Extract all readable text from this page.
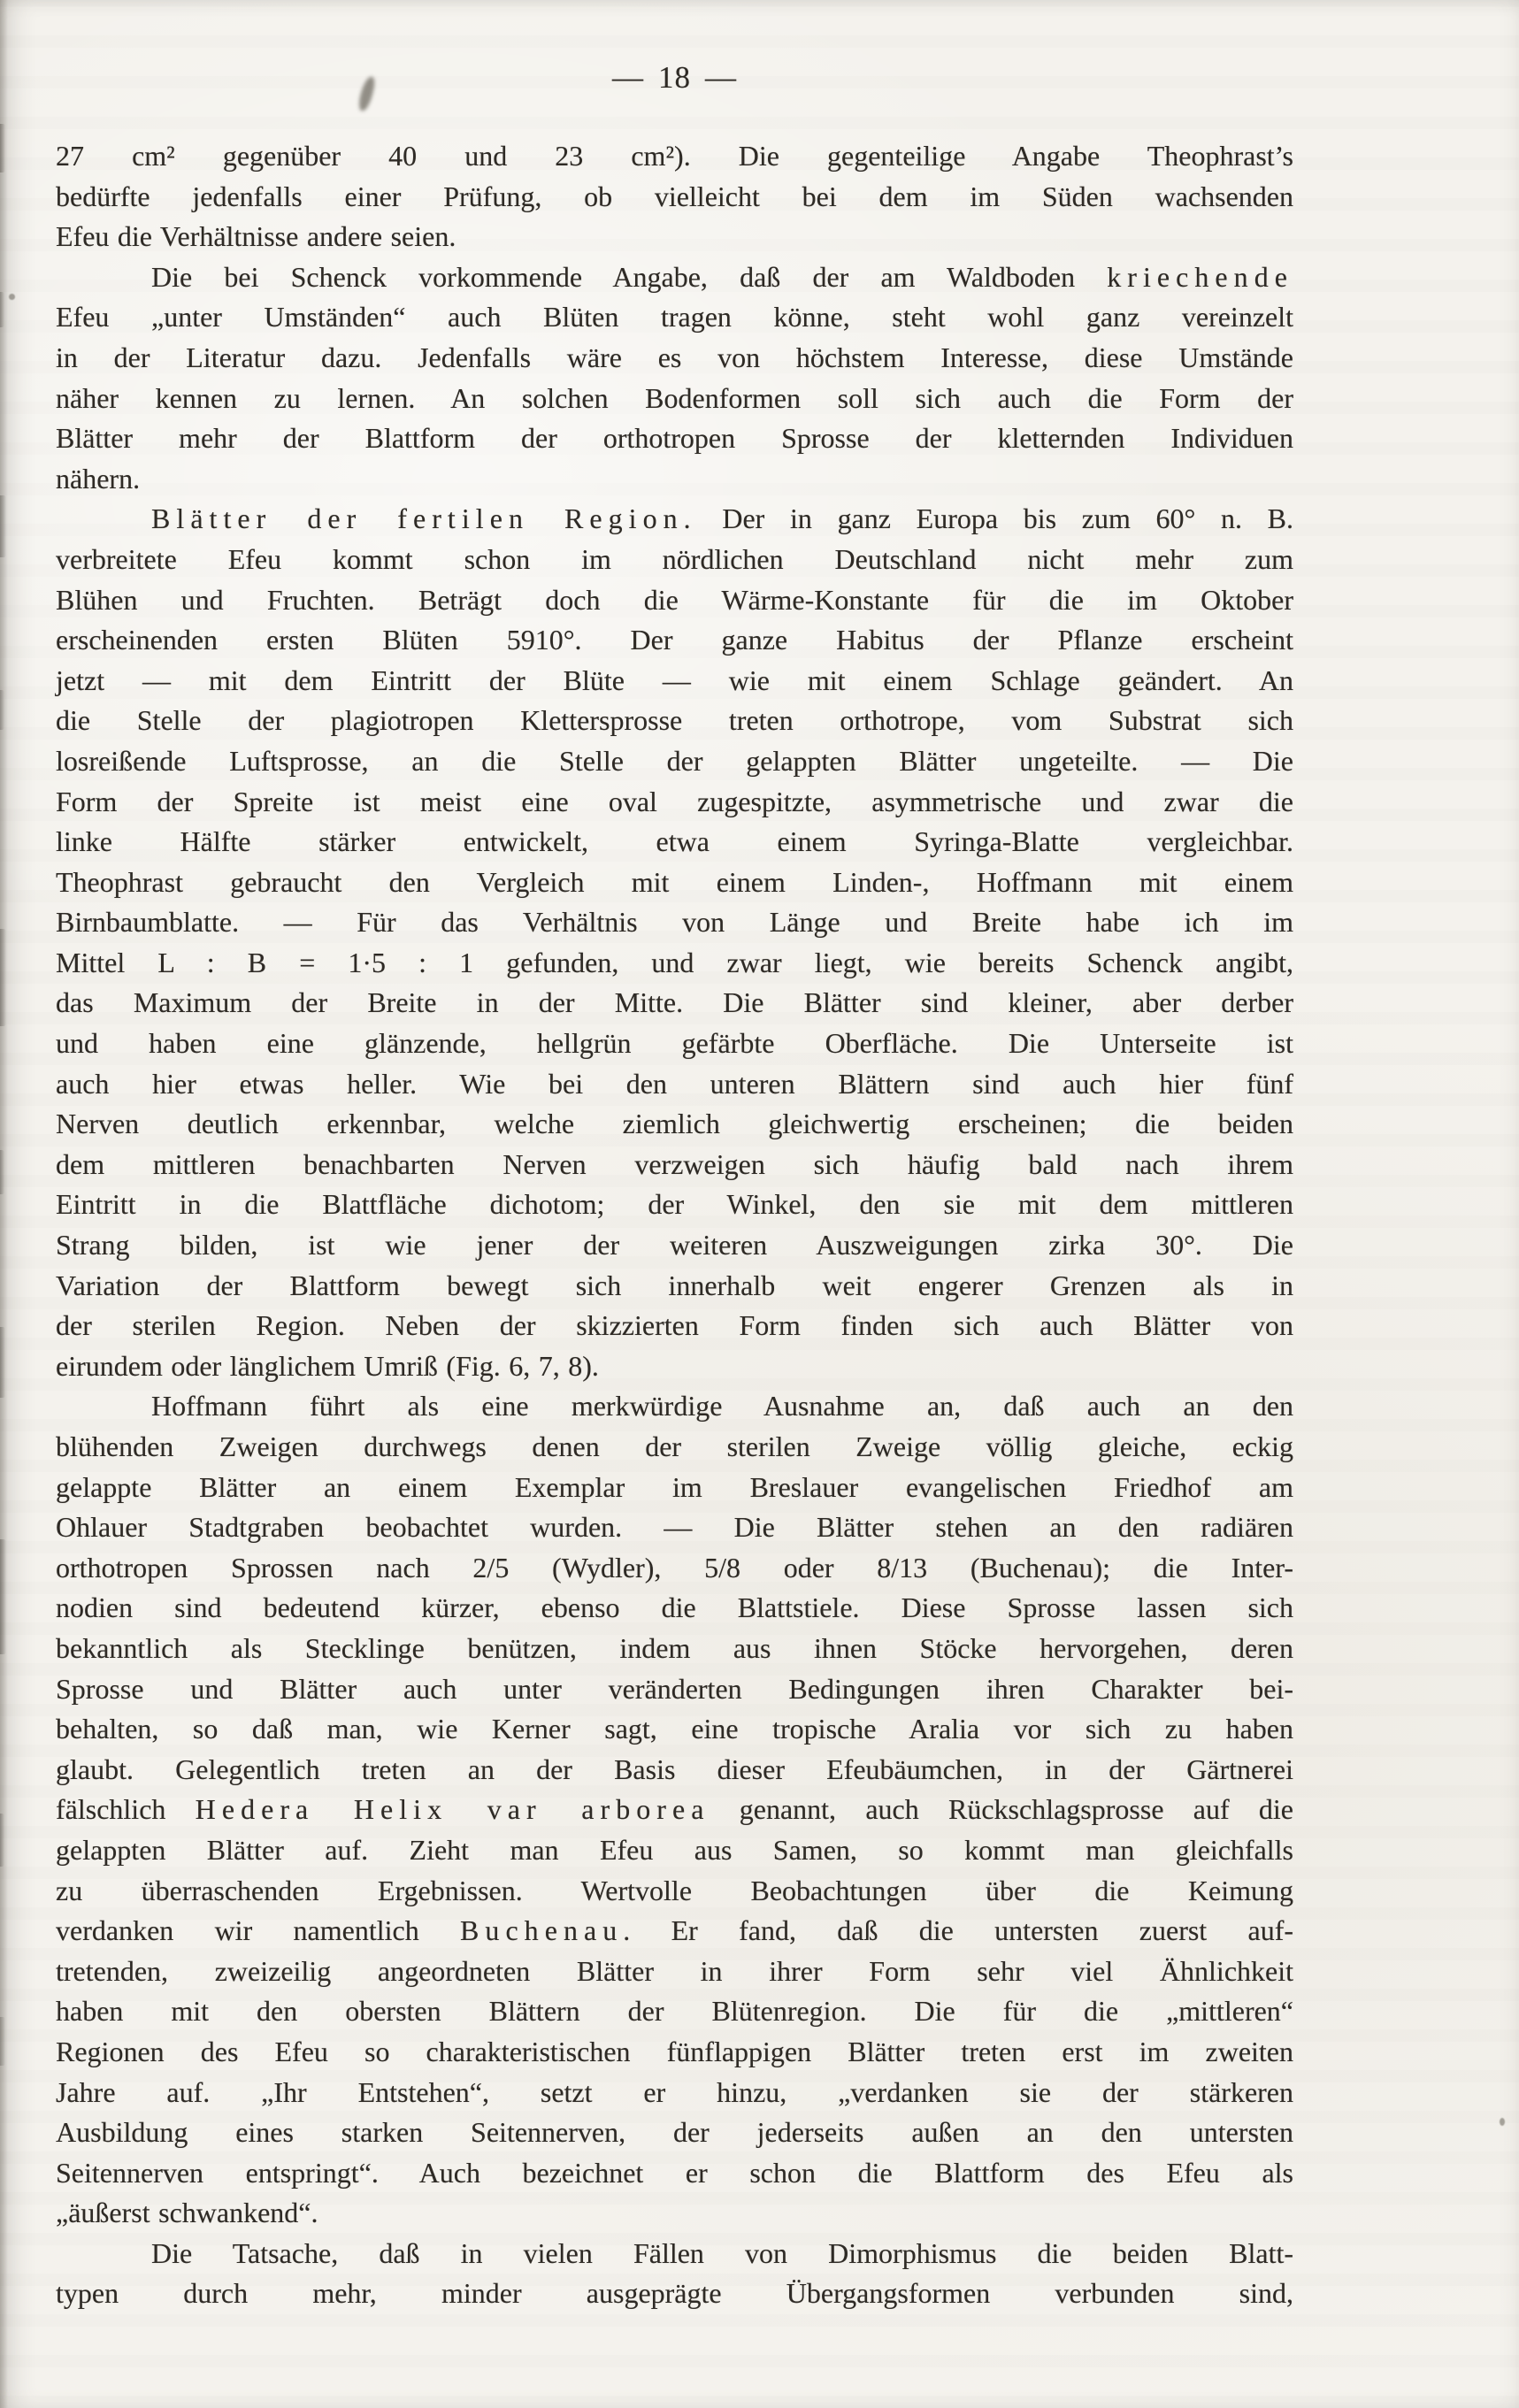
— 18 —
27 cm² gegenüber 40 und 23 cm²). Die gegenteilige Angabe Theophrast’s
bedürfte jedenfalls einer Prüfung, ob vielleicht bei dem im Süden wachsenden
Efeu die Verhältnisse andere seien.
Die bei Schenck vorkommende Angabe, daß der am Waldboden kriechende
Efeu „unter Umständen“ auch Blüten tragen könne, steht wohl ganz vereinzelt
in der Literatur dazu. Jedenfalls wäre es von höchstem Interesse, diese Umstände
näher kennen zu lernen. An solchen Bodenformen soll sich auch die Form der
Blätter mehr der Blattform der orthotropen Sprosse der kletternden Individuen
nähern.
Blätter der fertilen Region. Der in ganz Europa bis zum 60° n. B.
verbreitete Efeu kommt schon im nördlichen Deutschland nicht mehr zum
Blühen und Fruchten. Beträgt doch die Wärme-Konstante für die im Oktober
erscheinenden ersten Blüten 5910°. Der ganze Habitus der Pflanze erscheint
jetzt — mit dem Eintritt der Blüte — wie mit einem Schlage geändert. An
die Stelle der plagiotropen Klettersprosse treten orthotrope, vom Substrat sich
losreißende Luftsprosse, an die Stelle der gelappten Blätter ungeteilte. — Die
Form der Spreite ist meist eine oval zugespitzte, asymmetrische und zwar die
linke Hälfte stärker entwickelt, etwa einem Syringa-Blatte vergleichbar.
Theophrast gebraucht den Vergleich mit einem Linden-, Hoffmann mit einem
Birnbaumblatte. — Für das Verhältnis von Länge und Breite habe ich im
Mittel L : B = 1·5 : 1 gefunden, und zwar liegt, wie bereits Schenck angibt,
das Maximum der Breite in der Mitte. Die Blätter sind kleiner, aber derber
und haben eine glänzende, hellgrün gefärbte Oberfläche. Die Unterseite ist
auch hier etwas heller. Wie bei den unteren Blättern sind auch hier fünf
Nerven deutlich erkennbar, welche ziemlich gleichwertig erscheinen; die beiden
dem mittleren benachbarten Nerven verzweigen sich häufig bald nach ihrem
Eintritt in die Blattfläche dichotom; der Winkel, den sie mit dem mittleren
Strang bilden, ist wie jener der weiteren Auszweigungen zirka 30°. Die
Variation der Blattform bewegt sich innerhalb weit engerer Grenzen als in
der sterilen Region. Neben der skizzierten Form finden sich auch Blätter von
eirundem oder länglichem Umriß (Fig. 6, 7, 8).
Hoffmann führt als eine merkwürdige Ausnahme an, daß auch an den
blühenden Zweigen durchwegs denen der sterilen Zweige völlig gleiche, eckig
gelappte Blätter an einem Exemplar im Breslauer evangelischen Friedhof am
Ohlauer Stadtgraben beobachtet wurden. — Die Blätter stehen an den radiären
orthotropen Sprossen nach 2/5 (Wydler), 5/8 oder 8/13 (Buchenau); die Inter-
nodien sind bedeutend kürzer, ebenso die Blattstiele. Diese Sprosse lassen sich
bekanntlich als Stecklinge benützen, indem aus ihnen Stöcke hervorgehen, deren
Sprosse und Blätter auch unter veränderten Bedingungen ihren Charakter bei-
behalten, so daß man, wie Kerner sagt, eine tropische Aralia vor sich zu haben
glaubt. Gelegentlich treten an der Basis dieser Efeubäumchen, in der Gärtnerei
fälschlich Hedera Helix var arborea genannt, auch Rückschlagsprosse auf die
gelappten Blätter auf. Zieht man Efeu aus Samen, so kommt man gleichfalls
zu überraschenden Ergebnissen. Wertvolle Beobachtungen über die Keimung
verdanken wir namentlich Buchenau. Er fand, daß die untersten zuerst auf-
tretenden, zweizeilig angeordneten Blätter in ihrer Form sehr viel Ähnlichkeit
haben mit den obersten Blättern der Blütenregion. Die für die „mittleren“
Regionen des Efeu so charakteristischen fünflappigen Blätter treten erst im zweiten
Jahre auf. „Ihr Entstehen“, setzt er hinzu, „verdanken sie der stärkeren
Ausbildung eines starken Seitennerven, der jederseits außen an den untersten
Seitennerven entspringt“. Auch bezeichnet er schon die Blattform des Efeu als
„äußerst schwankend“.
Die Tatsache, daß in vielen Fällen von Dimorphismus die beiden Blatt-
typen durch mehr, minder ausgeprägte Übergangsformen verbunden sind,
